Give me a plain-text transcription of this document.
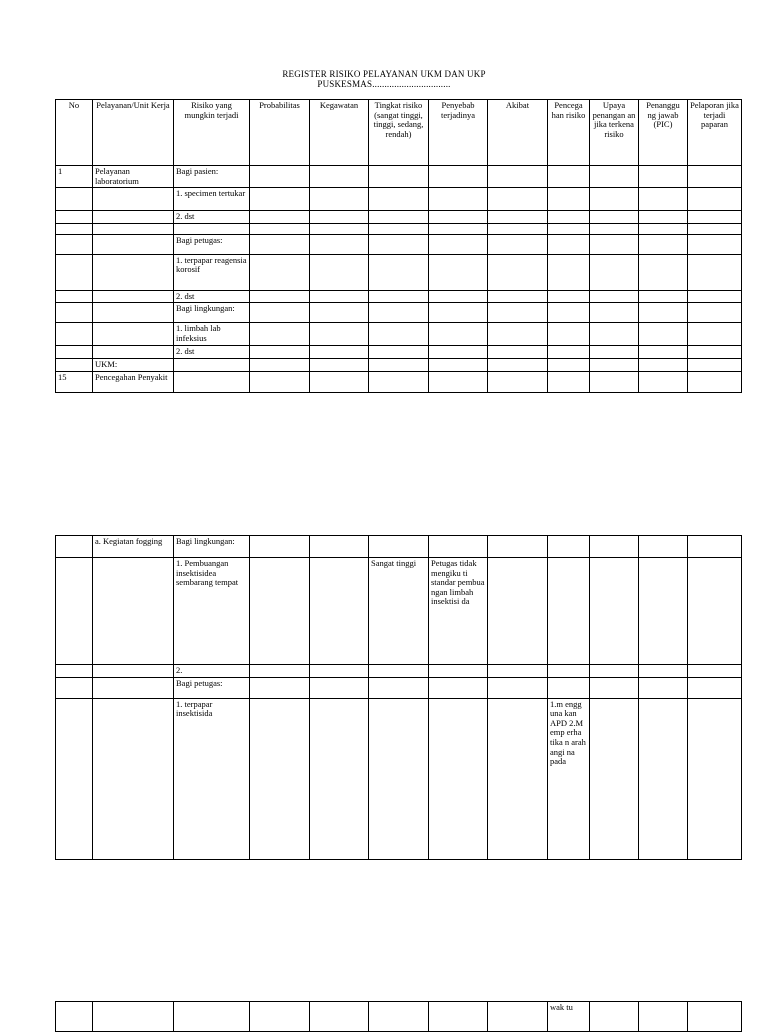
REGISTER RISIKO PELAYANAN UKM DAN UKP
PUSKESMAS................................
No	Pelayanan/Unit Kerja	Risiko yang mungkin terjadi	Probabilitas	Kegawatan	Tingkat risiko (sangat tinggi, tinggi, sedang, rendah)	Penyebab terjadinya	Akibat	Pencega han risiko	Upaya penangan an jika terkena risiko	Penanggu ng jawab (PIC)	Pelaporan jika terjadi paparan
1	Pelayanan laboratorium	Bagi pasien:									
		1. specimen tertukar									
		2. dst									

		Bagi petugas:									
		1. terpapar reagensia korosif									
		2. dst									
		Bagi lingkungan:									
		1. limbah lab infeksius									
		2. dst									
	UKM:										
15	Pencegahan Penyakit										
	a. Kegiatan fogging	Bagi lingkungan:									
		1. Pembuangan insektisidea sembarang tempat			Sangat tinggi	Petugas tidak mengiku ti standar pembua ngan limbah insektisi da					
		2.									
		Bagi petugas:									
		1. terpapar insektisida						1.m engg una kan APD 2.M emp erha tika n arah angi na pada			
								wak tu			
